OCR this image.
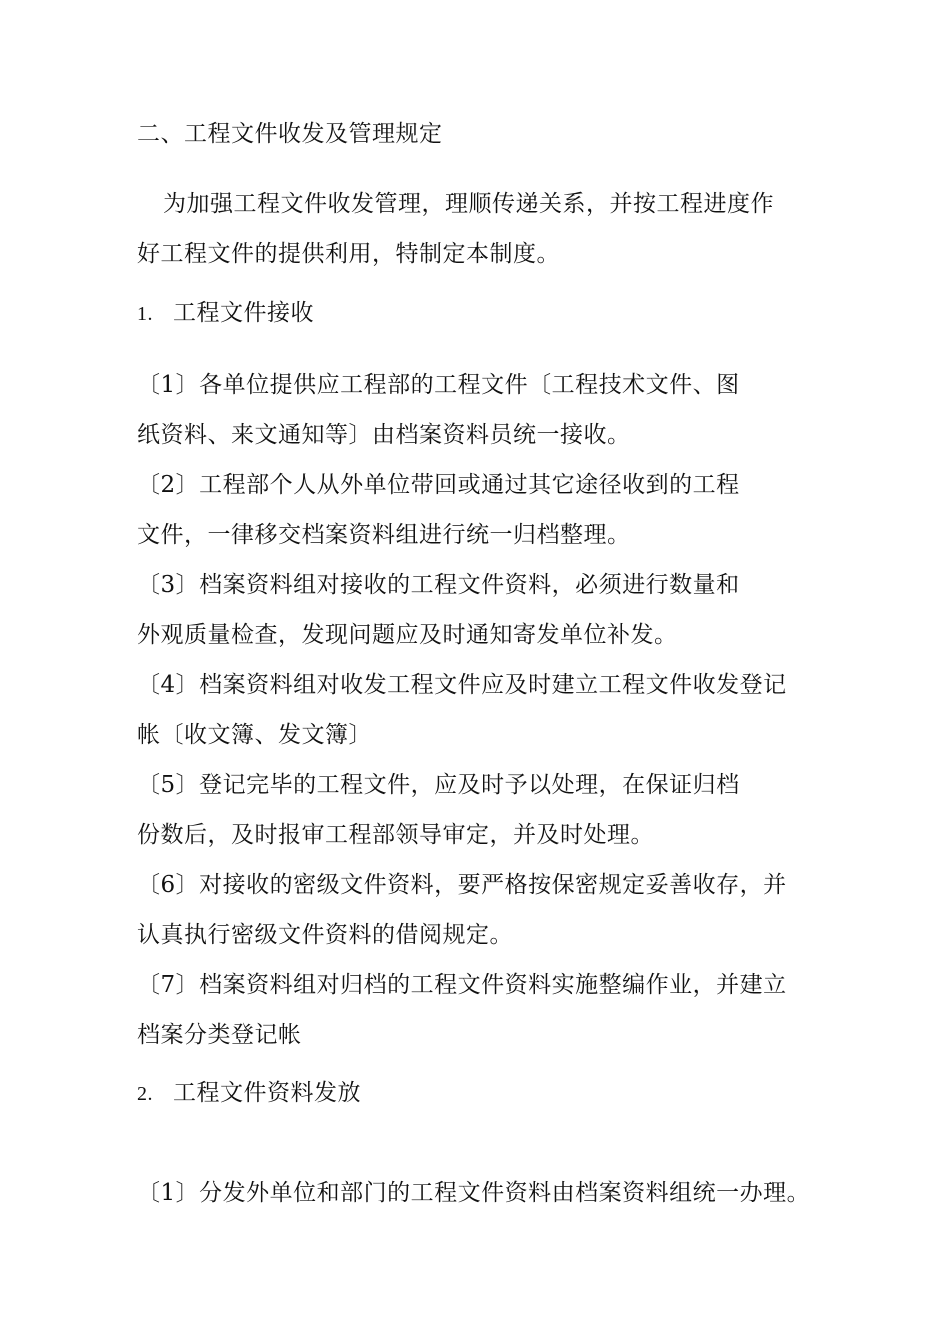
二、工程文件收发及管理规定
为加强工程文件收发管理，理顺传递关系，并按工程进度作
好工程文件的提供利用，特制定本制度。
1. 工程文件接收
〔1〕各单位提供应工程部的工程文件〔工程技术文件、图
纸资料、来文通知等〕由档案资料员统一接收。
〔2〕工程部个人从外单位带回或通过其它途径收到的工程
文件，一律移交档案资料组进行统一归档整理。
〔3〕档案资料组对接收的工程文件资料，必须进行数量和
外观质量检查，发现问题应及时通知寄发单位补发。
〔4〕档案资料组对收发工程文件应及时建立工程文件收发登记
帐〔收文簿、发文簿〕
〔5〕登记完毕的工程文件，应及时予以处理，在保证归档
份数后，及时报审工程部领导审定，并及时处理。
〔6〕对接收的密级文件资料，要严格按保密规定妥善收存，并
认真执行密级文件资料的借阅规定。
〔7〕档案资料组对归档的工程文件资料实施整编作业，并建立
档案分类登记帐
2. 工程文件资料发放
〔1〕分发外单位和部门的工程文件资料由档案资料组统一办理。
